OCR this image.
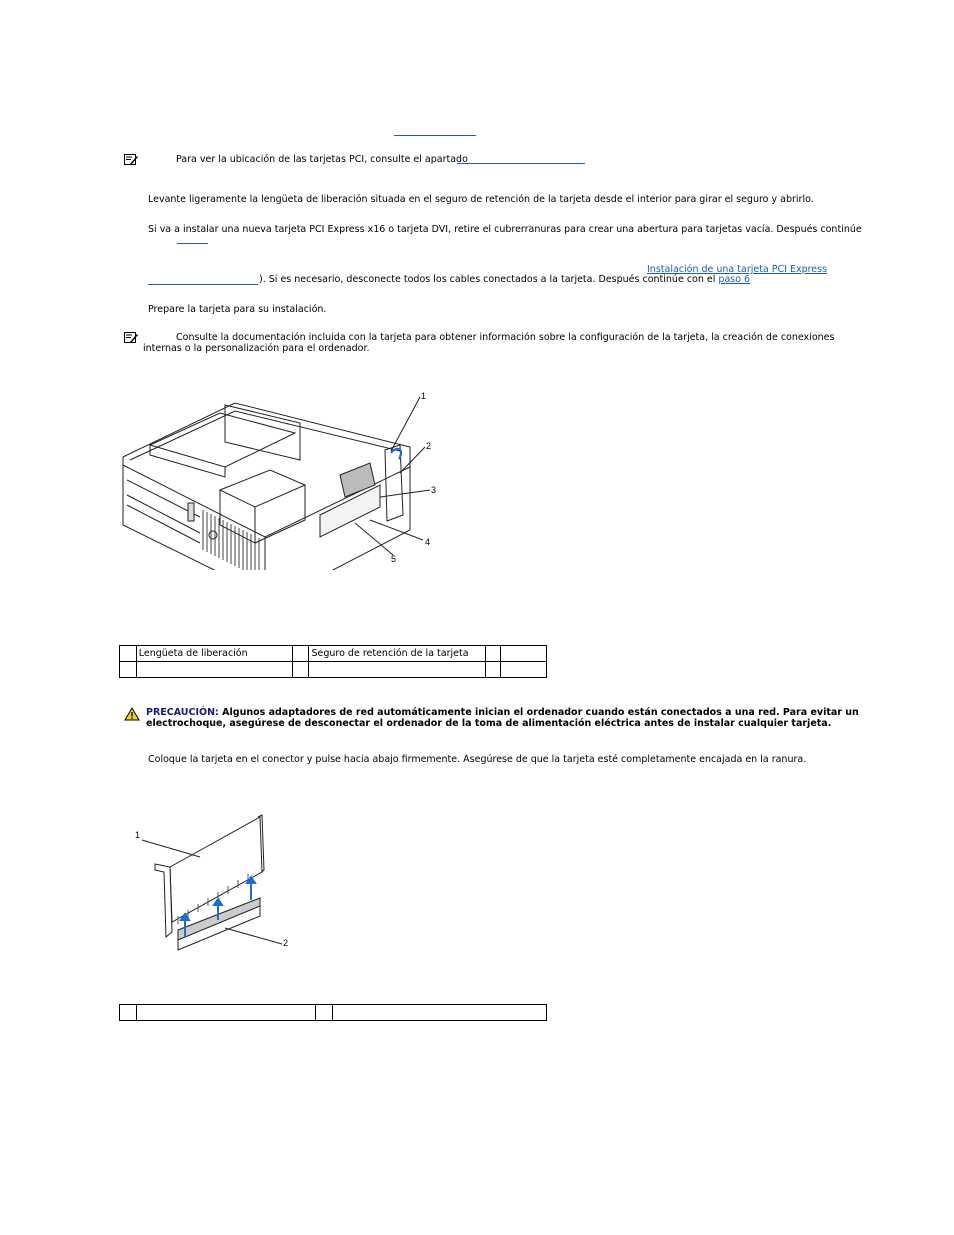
Para ver la ubicación de las tarjetas PCI, consulte el apartado
Levante ligeramente la lengüeta de liberación situada en el seguro de retención de la tarjeta desde el interior para girar el seguro y abrirlo.
Si va a instalar una nueva tarjeta PCI Express x16 o tarjeta DVI, retire el cubrerranuras para crear una abertura para tarjetas vacía. Después continúe
Instalación de una tarjeta PCI Express
). Si es necesario, desconecte todos los cables conectados a la tarjeta. Después continúe con el paso 6
Prepare la tarjeta para su instalación.
Consulte la documentación incluida con la tarjeta para obtener información sobre la configuración de la tarjeta, la creación de conexiones
internas o la personalización para el ordenador.
1
2
3
4
5
	Lengüeta de liberación		Seguro de retención de la tarjeta		

PRECAUCIÓN: Algunos adaptadores de red automáticamente inician el ordenador cuando están conectados a una red. Para evitar un
electrochoque, asegúrese de desconectar el ordenador de la toma de alimentación eléctrica antes de instalar cualquier tarjeta.
Coloque la tarjeta en el conector y pulse hacia abajo firmemente. Asegúrese de que la tarjeta esté completamente encajada en la ranura.
1
2
